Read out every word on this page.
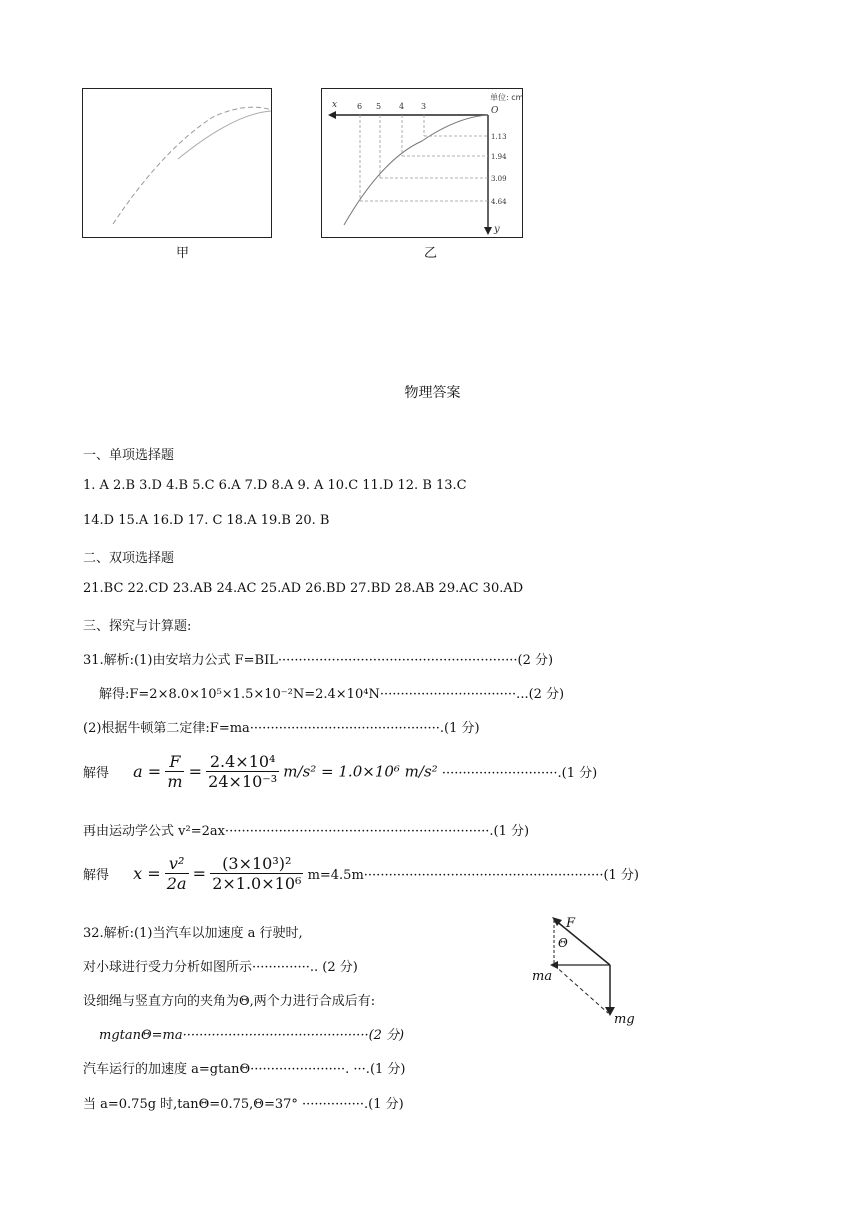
甲
单位: cm
x
y
O
6 5 4 3
1.13
1.94
3.09
4.64
乙
物理答案
一、单项选择题
1. A 2.B 3.D 4.B 5.C 6.A 7.D 8.A 9. A 10.C 11.D 12. B 13.C
14.D 15.A 16.D 17. C 18.A 19.B 20. B
二、双项选择题
21.BC 22.CD 23.AB 24.AC 25.AD 26.BD 27.BD 28.AB 29.AC 30.AD
三、探究与计算题:
31.解析:(1)由安培力公式 F=BIL··························································(2 分)
解得:F=2×8.0×10⁵×1.5×10⁻²N=2.4×10⁴N·································...(2 分)
(2)根据牛顿第二定律:F=ma··············································.(1 分)
解得 $a = \frac{F}{m} = \frac{\text{2.4×10⁴}}{\text{24×10⁻³}} m/s^2 = 1.0\times 10^6$ m/s² ····························.(1 分)
再由运动学公式 v²=2ax································································.(1 分)
解得 $x = \frac{\text{v²}}{2a} = \frac{\text{(3×10³)²}}{\text{2×1.0×10⁶}} m=4.5m\cdot\cdot\cdot\cdot\cdot\cdot\cdot\cdot\cdot\cdot\cdot\cdot\cdot\cdot\cdot\cdot\cdot\cdot\cdot\cdot\cdot\cdot\cdot\cdot\cdot\cdot\cdot\cdot\cdot\cdot\cdot\cdot\cdot\cdot\cdot\cdot\cdot\cdot\cdot\cdot\cdot\cdot\cdot\cdot\cdot\cdot\cdot\cdot\cdot\cdot\cdot\cdot\cdot\cdot\cdot\cdot\cdot\cdot(1$ 分)
32.解析:(1)当汽车以加速度 a 行驶时,
对小球进行受力分析如图所示··············.. (2 分)
设细绳与竖直方向的夹角为Θ,两个力进行合成后有:
mgtanΘ=ma·············································(2 分)
汽车运行的加速度 a=gtanΘ·······················. ···.(1 分)
当 a=0.75g 时,tanΘ=0.75,Θ=37° ···············.(1 分)
F
Θ
ma
mg
